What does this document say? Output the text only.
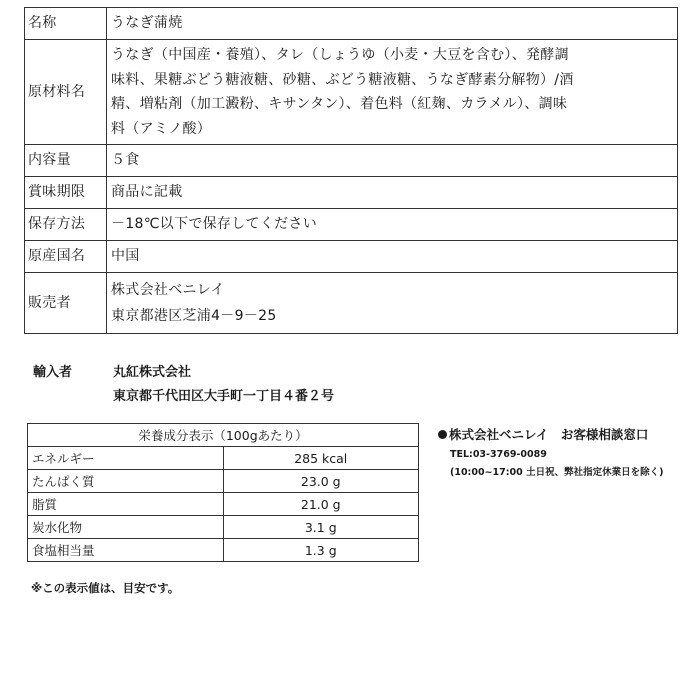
名称	うなぎ蒲焼
原材料名	うなぎ（中国産・養殖）、タレ（しょうゆ（小麦・大豆を含む）、発酵調
味料、果糖ぶどう糖液糖、砂糖、ぶどう糖液糖、うなぎ酵素分解物）/酒
精、増粘剤（加工澱粉、キサンタン）、着色料（紅麹、カラメル）、調味
料（アミノ酸）

内容量	５食
賞味期限	商品に記載
保存方法	－18℃以下で保存してください
原産国名	中国
販売者	株式会社ベニレイ
東京都港区芝浦4－9－25
輸入者	丸紅株式会社
東京都千代田区大手町一丁目４番２号
栄養成分表示（100gあたり）	
エネルギー	285 kcal
たんぱく質	23.0 g
脂質	21.0 g
炭水化物	3.1 g
食塩相当量	1.3 g
※この表示値は、目安です。
株式会社ベニレイ　お客様相談窓口
TEL:03-3769-0089
(10:00~17:00 土日祝、弊社指定休業日を除く)
